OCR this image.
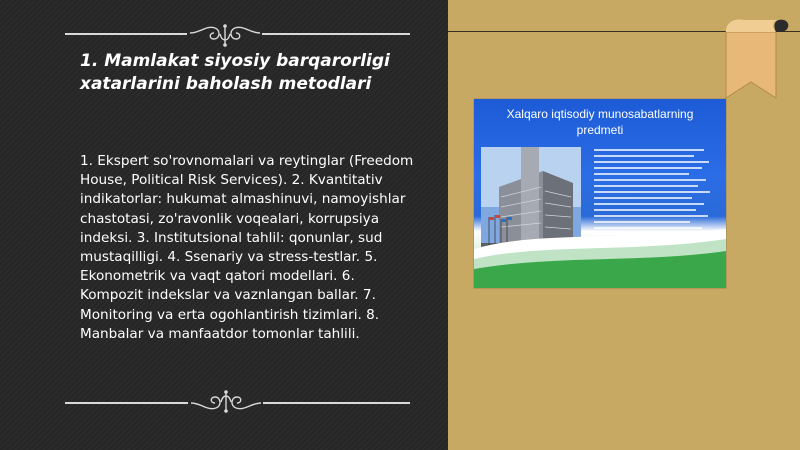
1. Mamlakat siyosiy barqarorligi xatarlarini baholash metodlari
1. Ekspert so'rovnomalari va reytinglar (Freedom House, Political Risk Services). 2. Kvantitativ indikatorlar: hukumat almashinuvi, namoyishlar chastotasi, zo'ravonlik voqealari, korrupsiya indeksi. 3. Institutsional tahlil: qonunlar, sud mustaqilligi. 4. Ssenariy va stress-testlar. 5. Ekonometrik va vaqt qatori modellari. 6. Kompozit indekslar va vaznlangan ballar. 7. Monitoring va erta ogohlantirish tizimlari. 8. Manbalar va manfaatdor tomonlar tahlili.
Xalqaro iqtisodiy munosabatlarning predmeti
